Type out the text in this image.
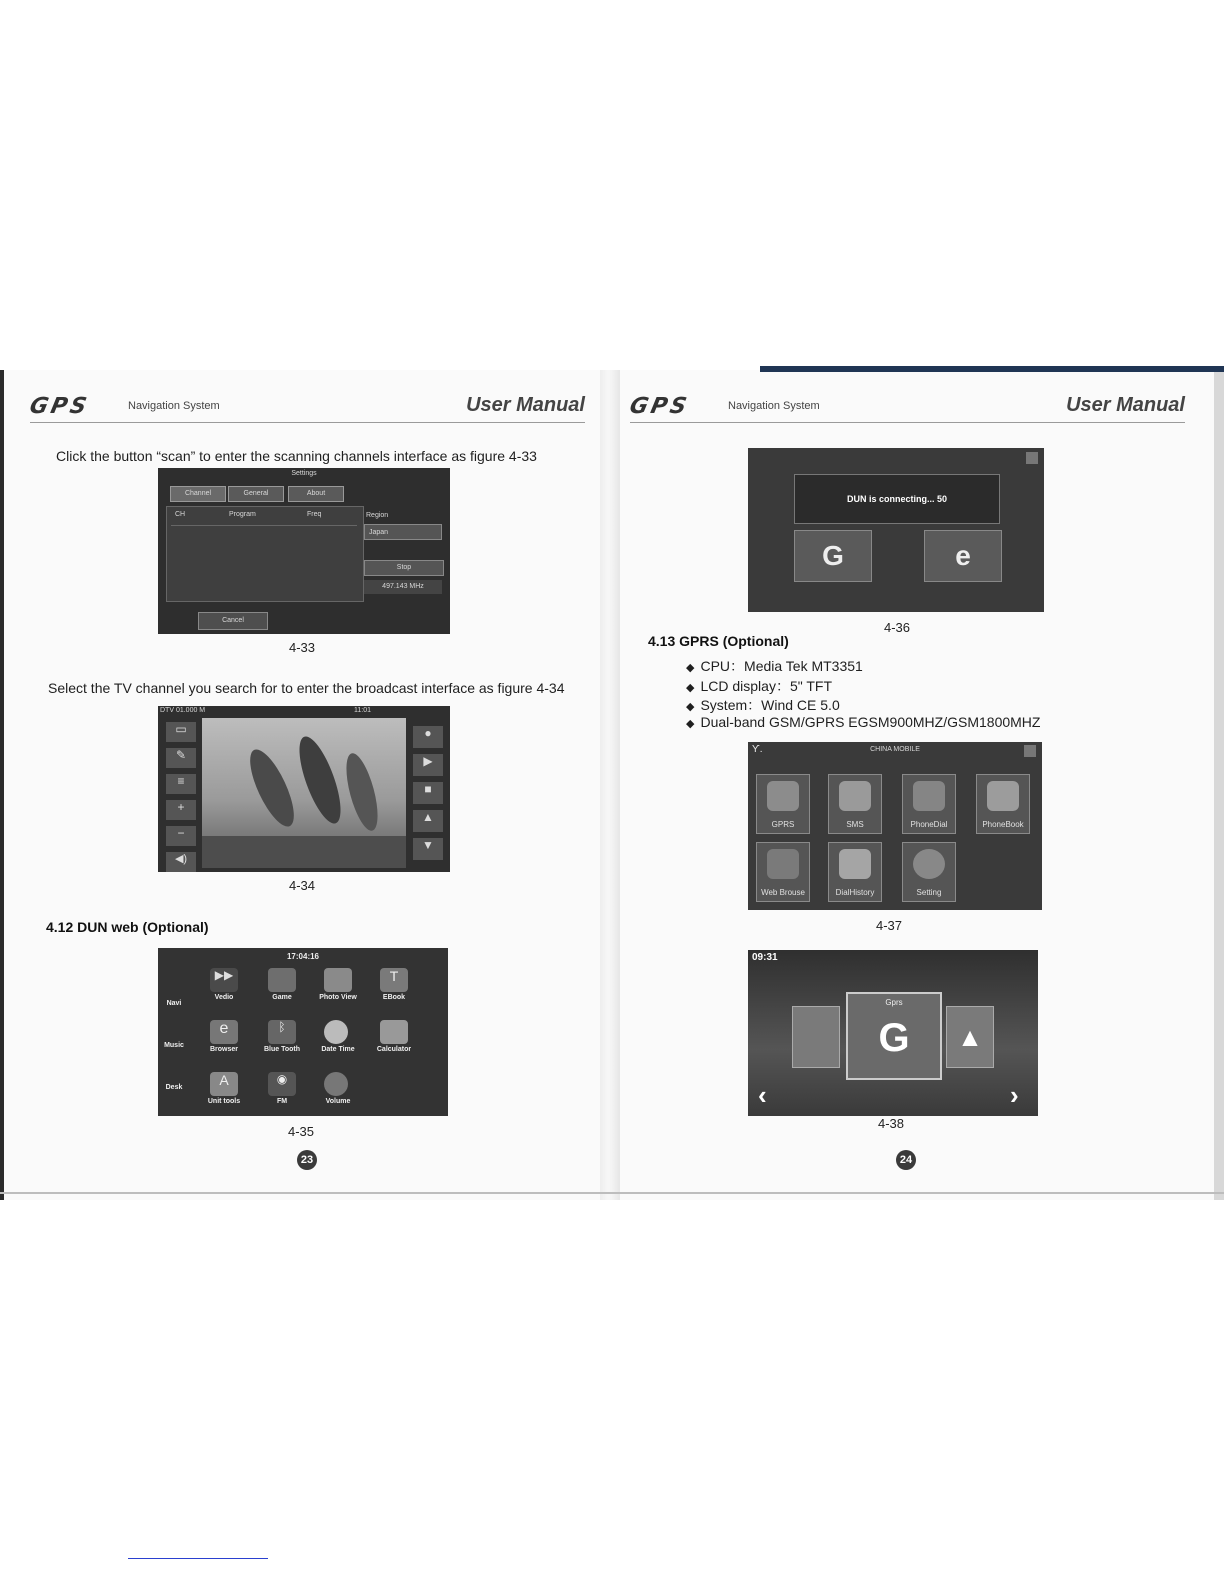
GPS	Navigation System	User Manual
Click the button “scan” to enter the scanning channels interface as figure 4-33
Settings
Channel	General	About
CH	Program	Freq	Region
Japan
Stop
497.143 MHz
Cancel
4-33
Select the TV channel you search for to enter the broadcast interface as figure 4-34
DTV 01.000 M	11:01
▭
✎
≡
+
−
◀)
●
▶
■
▲
▼
4-34
4.12 DUN web (Optional)
17:04:16
Navi
Music
Desk
▶▶
Vedio	Game	Photo View
T
EBook
e
Browser
ᛒ
Blue Tooth	Date Time	Calculator
A
Unit tools
◉
FM	Volume
4-35
23
GPS	Navigation System	User Manual
DUN is connecting... 50
G	e
4-36
4.13 GPRS (Optional)
◆ CPU：Media Tek MT3351
◆ LCD display：5" TFT
◆ System：Wind CE 5.0
◆ Dual-band GSM/GPRS EGSM900MHZ/GSM1800MHZ
Ƴ.	CHINA MOBILE
GPRS	SMS	PhoneDial	PhoneBook
Web Brouse	DialHistory	Setting
4-37
09:31
Gprs
G	▲
‹	›
4-38
24
